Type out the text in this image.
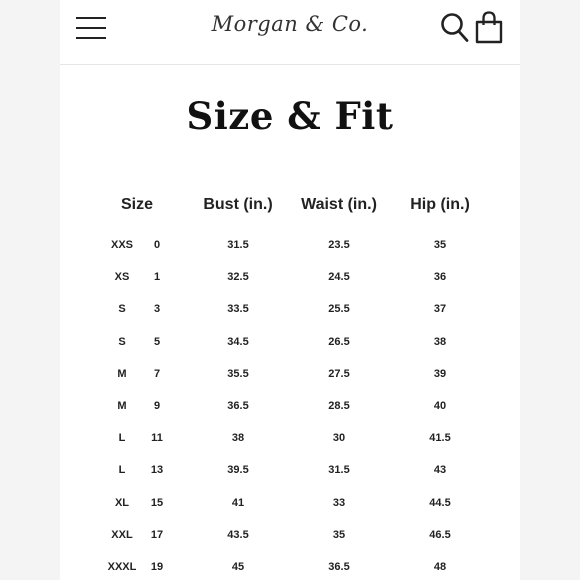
Morgan & Co.
Size & Fit
Size	Bust (in.) Waist (in.) Hip (in.)
XXS 0	31.5	23.5	35
XS 1	32.5	24.5	36
S	3	33.5	25.5	37
S	5	34.5	26.5	38
M 7	35.5	27.5	39
M 9	36.5	28.5	40
L 11	38	30	41.5
L 13	39.5	31.5	43
XL 15	41	33	44.5
XXL 17	43.5	35	46.5
XXXL 19	45	36.5	48
